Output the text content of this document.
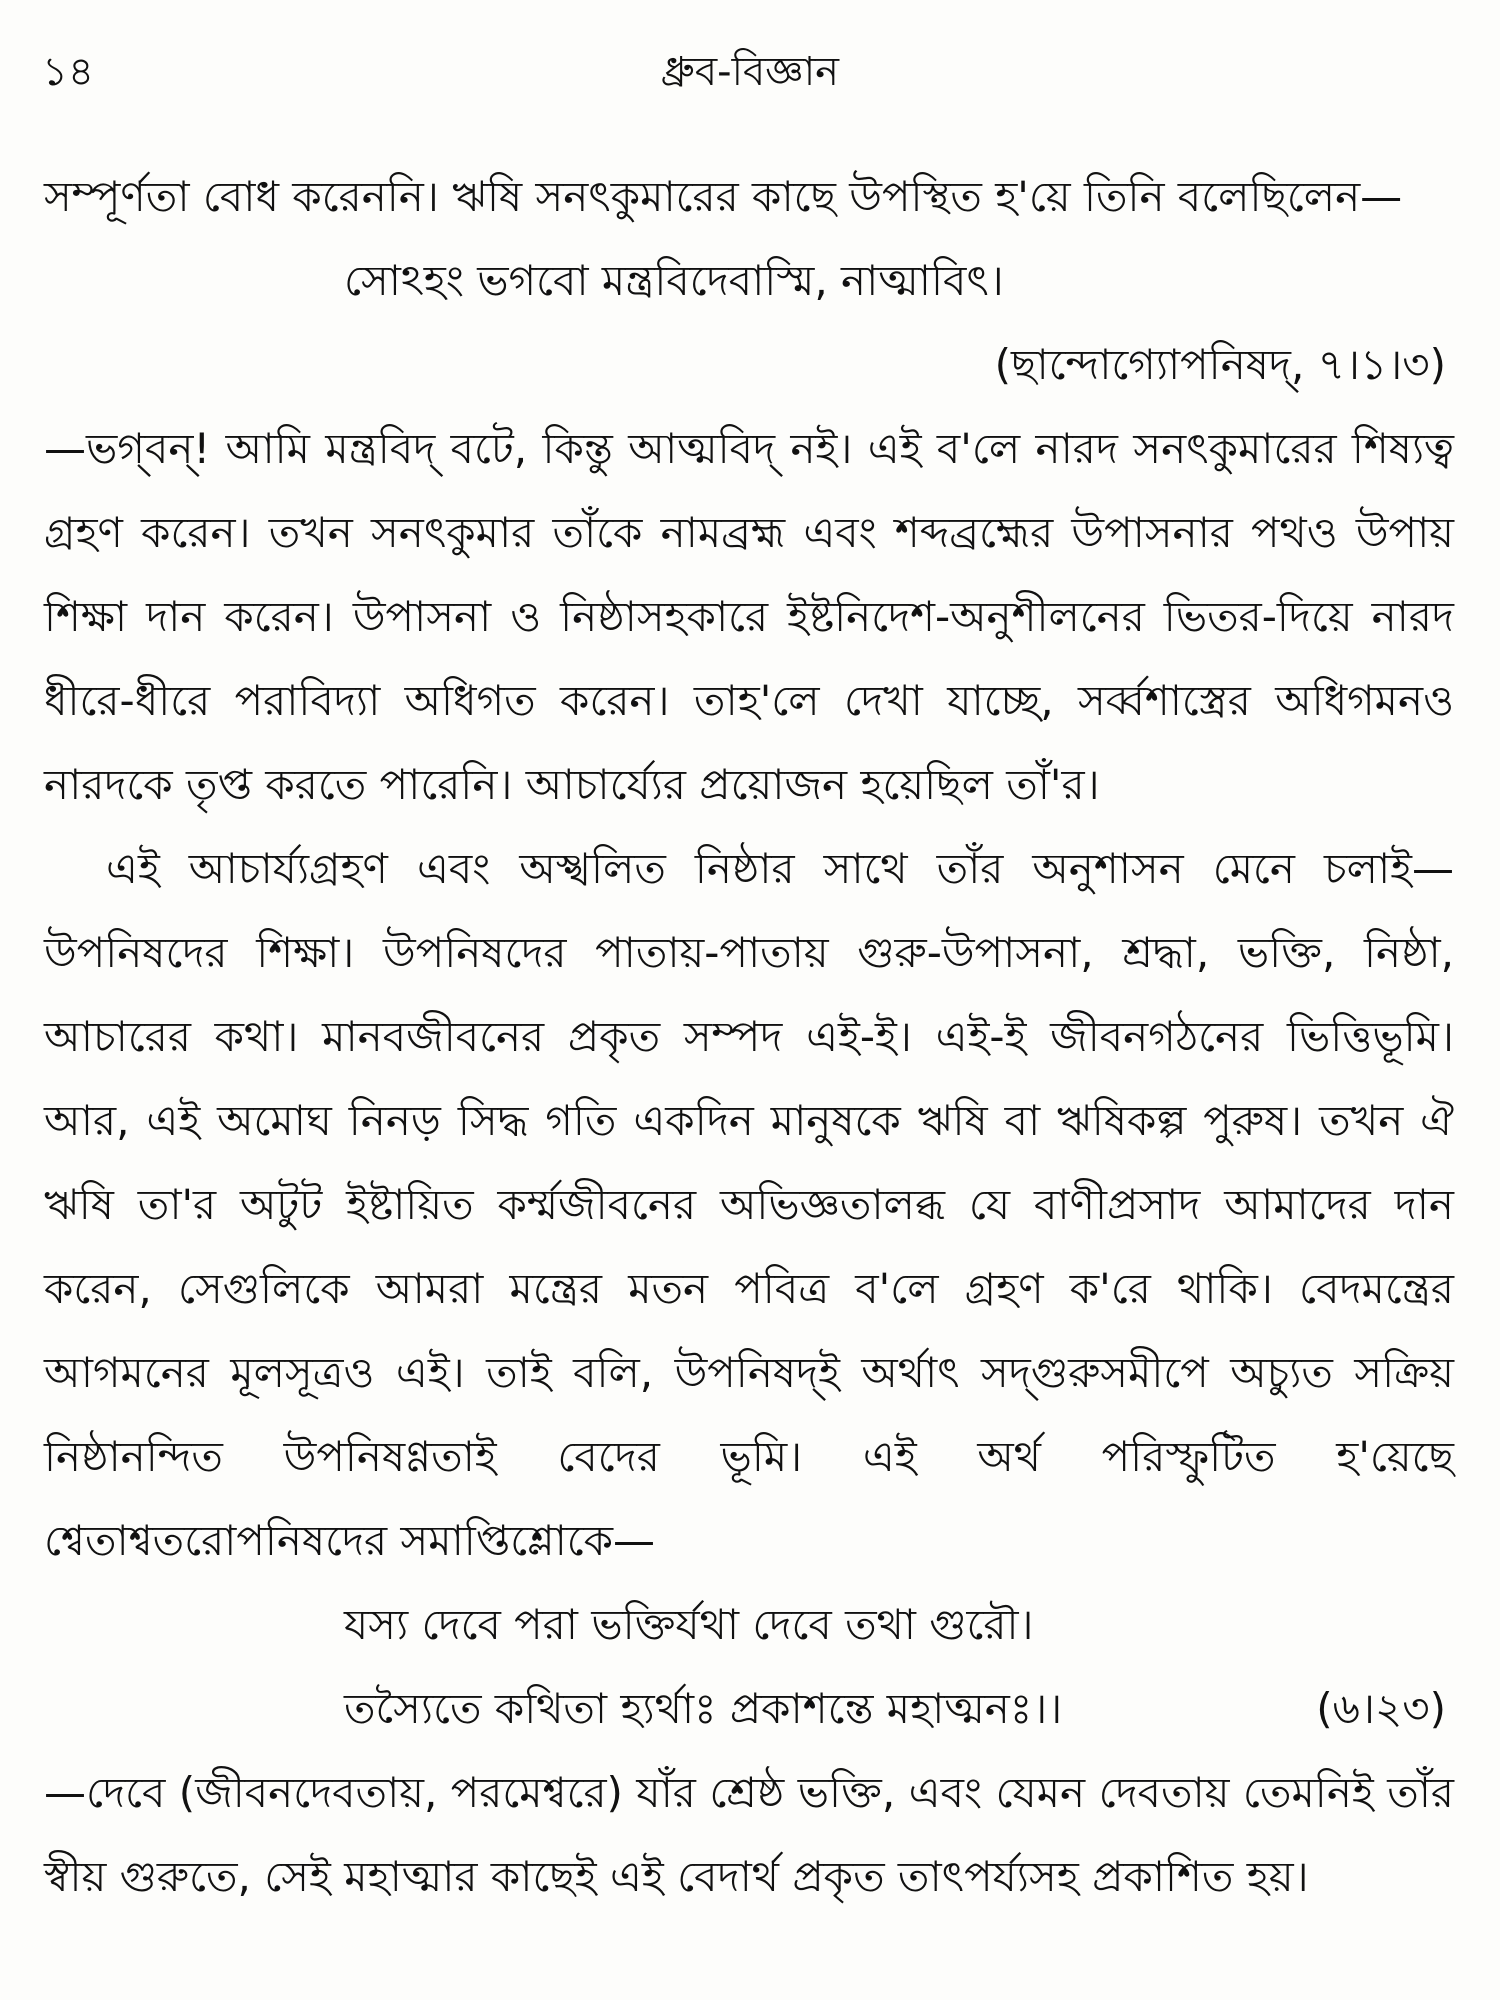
১৪	ধ্রুব-বিজ্ঞান

সম্পূর্ণতা বোধ করেননি। ঋষি সনৎকুমারের কাছে উপস্থিত হ'য়ে তিনি বলেছিলেন—

সোঽহং ভগবো মন্ত্রবিদেবাস্মি, নাত্মাবিৎ।

(ছান্দোগ্যোপনিষদ্, ৭।১।৩)

—ভগ্‌বন্! আমি মন্ত্রবিদ্ বটে, কিন্তু আত্মবিদ্ নই। এই ব'লে নারদ সনৎকুমারের শিষ্যত্ব গ্রহণ করেন। তখন সনৎকুমার তাঁকে নামব্রহ্ম এবং শব্দব্রহ্মের উপাসনার পথও উপায় শিক্ষা দান করেন। উপাসনা ও নিষ্ঠাসহকারে ইষ্টনিদেশ-অনুশীলনের ভিতর-দিয়ে নারদ ধীরে-ধীরে পরাবিদ্যা অধিগত করেন। তাহ'লে দেখা যাচ্ছে, সর্ব্বশাস্ত্রের অধিগমনও নারদকে তৃপ্ত করতে পারেনি। আচার্য্যের প্রয়োজন হয়েছিল তাঁ'র।

এই আচার্য্যগ্রহণ এবং অস্খলিত নিষ্ঠার সাথে তাঁর অনুশাসন মেনে চলাই—উপনিষদের শিক্ষা। উপনিষদের পাতায়-পাতায় গুরু-উপাসনা, শ্রদ্ধা, ভক্তি, নিষ্ঠা, আচারের কথা। মানবজীবনের প্রকৃত সম্পদ এই-ই। এই-ই জীবনগঠনের ভিত্তিভূমি। আর, এই অমোঘ নিনড় সিদ্ধ গতি একদিন মানুষকে ঋষি বা ঋষিকল্প পুরুষ। তখন ঐ ঋষি তা'র অটুট ইষ্টায়িত কর্ম্মজীবনের অভিজ্ঞতালব্ধ যে বাণীপ্রসাদ আমাদের দান করেন, সেগুলিকে আমরা মন্ত্রের মতন পবিত্র ব'লে গ্রহণ ক'রে থাকি। বেদমন্ত্রের আগমনের মূলসূত্রও এই। তাই বলি, উপনিষদ্‌ই অর্থাৎ সদ্‌গুরুসমীপে অচ্যুত সক্রিয় নিষ্ঠানন্দিত উপনিষণ্ণতাই বেদের ভূমি। এই অর্থ পরিস্ফুটিত হ'য়েছে শ্বেতাশ্বতরোপনিষদের সমাপ্তিশ্লোকে—

যস্য দেবে পরা ভক্তির্যথা দেবে তথা গুরৌ।

তস্যৈতে কথিতা হ্যর্থাঃ প্রকাশন্তে মহাত্মনঃ।।	(৬।২৩)

—দেবে (জীবনদেবতায়, পরমেশ্বরে) যাঁর শ্রেষ্ঠ ভক্তি, এবং যেমন দেবতায় তেমনিই তাঁর স্বীয় গুরুতে, সেই মহাত্মার কাছেই এই বেদার্থ প্রকৃত তাৎপর্য্যসহ প্রকাশিত হয়।
